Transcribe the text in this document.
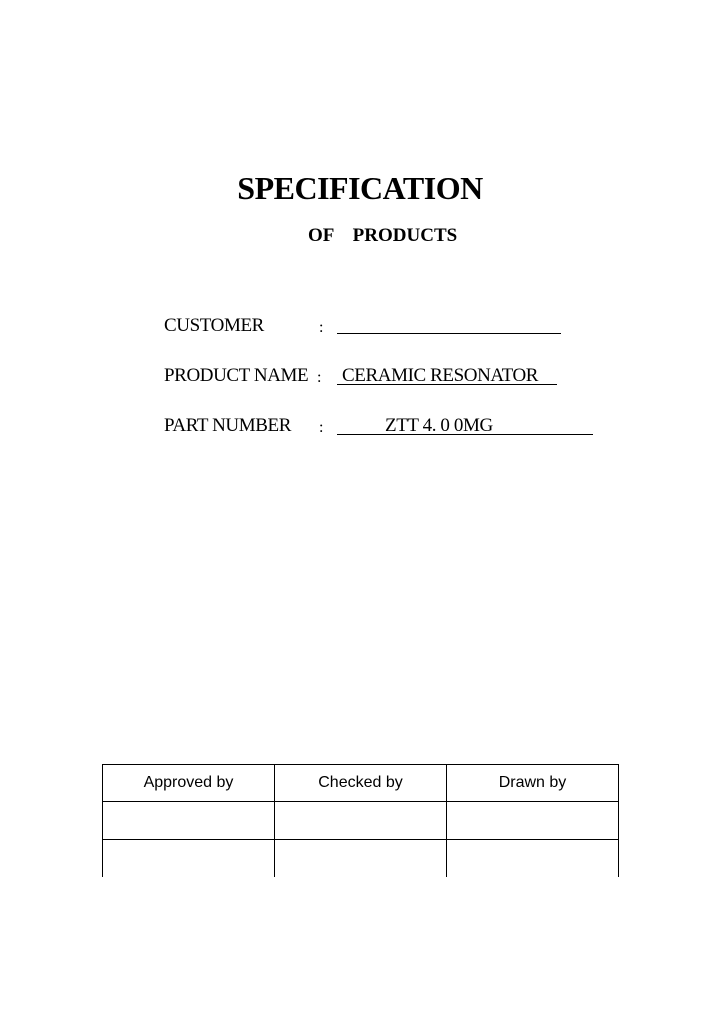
SPECIFICATION
OF    PRODUCTS
CUSTOMER	:
PRODUCT NAME : CERAMIC RESONATOR
PART NUMBER :	ZTT 4. 0 0MG
Approved by	Checked by	Drawn by
